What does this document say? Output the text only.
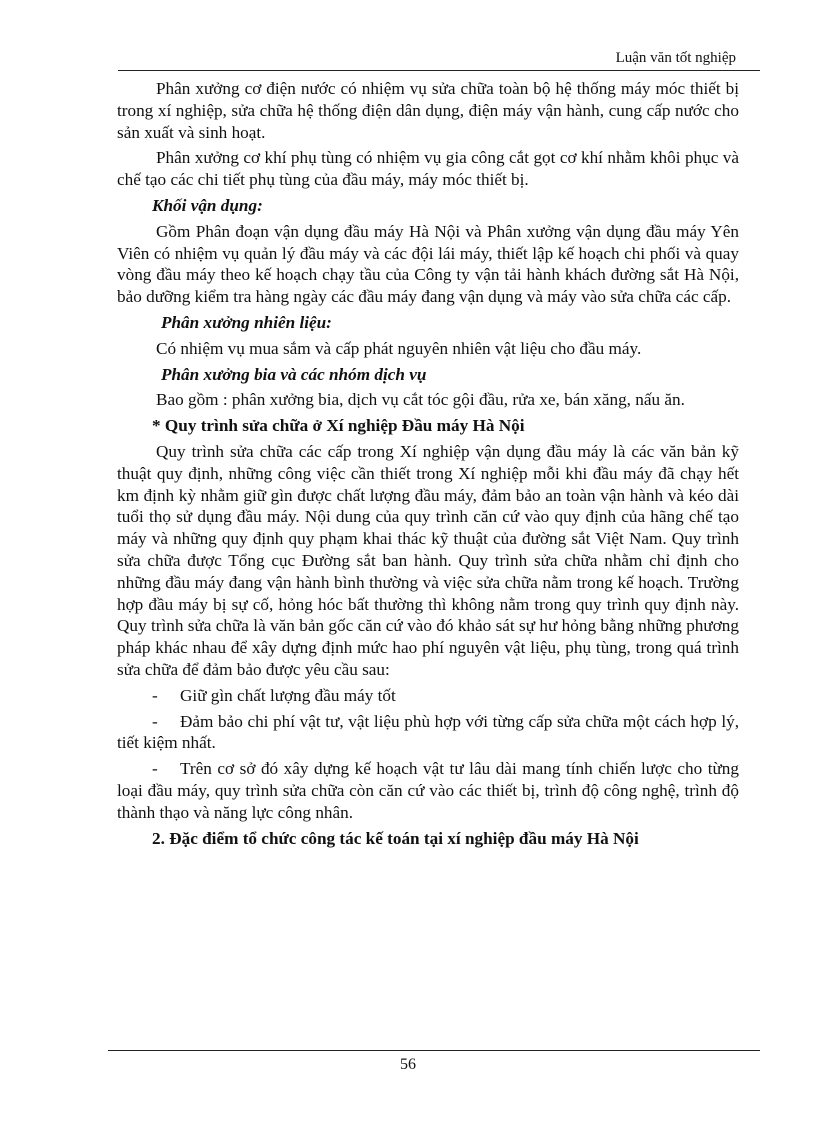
Luận văn tốt nghiệp

Phân xưởng cơ điện nước có nhiệm vụ sửa chữa toàn bộ hệ thống máy móc thiết bị trong xí nghiệp, sửa chữa hệ thống điện dân dụng, điện máy vận hành, cung cấp nước cho sản xuất và sinh hoạt.

Phân xưởng cơ khí phụ tùng có nhiệm vụ gia công cắt gọt cơ khí nhằm khôi phục và chế tạo các chi tiết phụ tùng của đầu máy, máy móc thiết bị.

Khối vận dụng:

Gồm Phân đoạn vận dụng đầu máy Hà Nội và Phân xưởng vận dụng đầu máy Yên Viên có nhiệm vụ quản lý đầu máy và các đội lái máy, thiết lập kế hoạch chi phối và quay vòng đầu máy theo kế hoạch chạy tầu của Công ty vận tải hành khách đường sắt Hà Nội, bảo dưỡng kiểm tra hàng ngày các đầu máy đang vận dụng và máy vào sửa chữa các cấp.

Phân xưởng nhiên liệu:

Có nhiệm vụ mua sắm và cấp phát nguyên nhiên vật liệu cho đầu máy.

Phân xưởng bia và các nhóm dịch vụ

Bao gồm : phân xưởng bia, dịch vụ cắt tóc gội đầu, rửa xe, bán xăng, nấu ăn.

* Quy trình sửa chữa ở Xí nghiệp Đầu máy Hà Nội

Quy trình sửa chữa các cấp trong Xí nghiệp vận dụng đầu máy là các văn bản kỹ thuật quy định, những công việc cần thiết trong Xí nghiệp mỗi khi đầu máy đã chạy hết km định kỳ nhằm giữ gìn được chất lượng đầu máy, đảm bảo an toàn vận hành và kéo dài tuổi thọ sử dụng đầu máy. Nội dung của quy trình căn cứ vào quy định của hãng chế tạo máy và những quy định quy phạm khai thác kỹ thuật của đường sắt Việt Nam. Quy trình sửa chữa được Tổng cục Đường sắt ban hành. Quy trình sửa chữa nhằm chỉ định cho những đầu máy đang vận hành bình thường và việc sửa chữa nằm trong kế hoạch. Trường hợp đầu máy bị sự cố, hỏng hóc bất thường thì không nằm trong quy trình quy định này. Quy trình sửa chữa là văn bản gốc căn cứ vào đó khảo sát sự hư hỏng bằng những phương pháp khác nhau để xây dựng định mức hao phí nguyên vật liệu, phụ tùng, trong quá trình sửa chữa để đảm bảo được yêu cầu sau:

- Giữ gìn chất lượng đầu máy tốt

- Đảm bảo chi phí vật tư, vật liệu phù hợp với từng cấp sửa chữa một cách hợp lý, tiết kiệm nhất.

- Trên cơ sở đó xây dựng kế hoạch vật tư lâu dài mang tính chiến lược cho từng loại đầu máy, quy trình sửa chữa còn căn cứ vào các thiết bị, trình độ công nghệ, trình độ thành thạo và năng lực công nhân.

2. Đặc điểm tổ chức công tác kế toán tại xí nghiệp đầu máy Hà Nội

56
